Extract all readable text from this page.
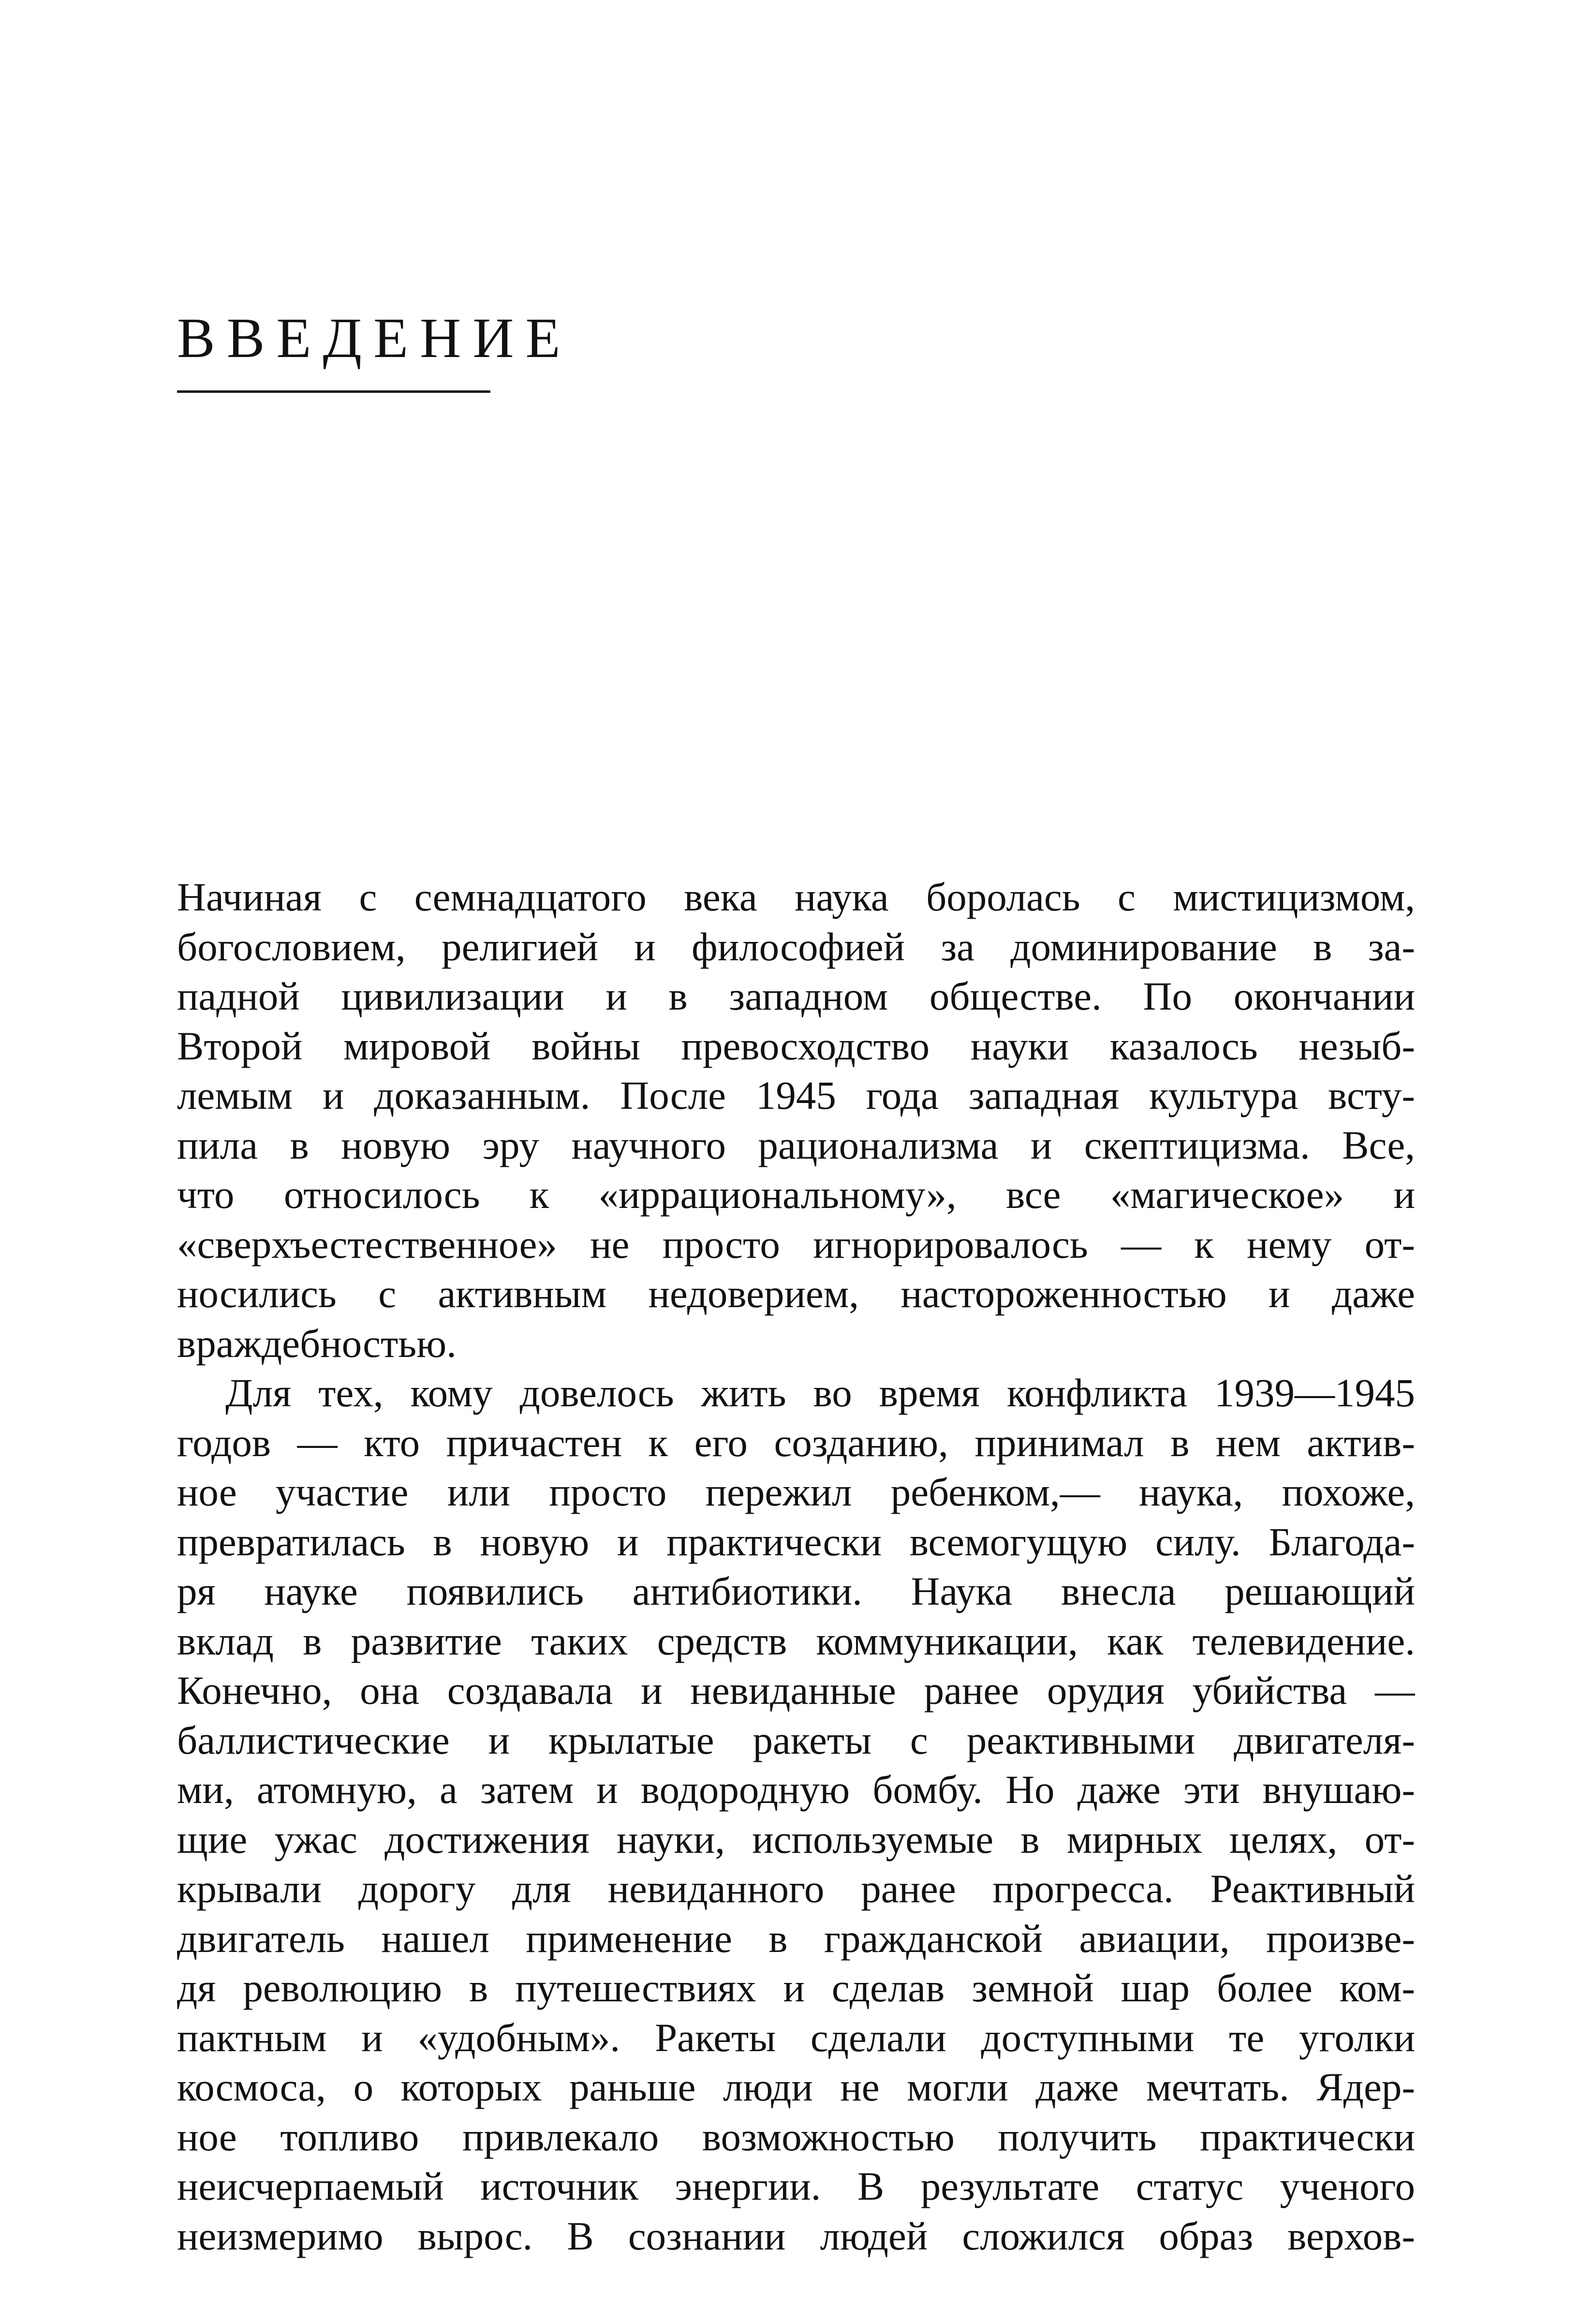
ВВЕДЕНИЕ
Начиная с семнадцатого века наука боролась с мистицизмом,
богословием, религией и философией за доминирование в за-
падной цивилизации и в западном обществе. По окончании
Второй мировой войны превосходство науки казалось незыб-
лемым и доказанным. После 1945 года западная культура всту-
пила в новую эру научного рационализма и скептицизма. Все,
что относилось к «иррациональному», все «магическое» и
«сверхъестественное» не просто игнорировалось — к нему от-
носились с активным недоверием, настороженностью и даже
враждебностью.
Для тех, кому довелось жить во время конфликта 1939—1945
годов — кто причастен к его созданию, принимал в нем актив-
ное участие или просто пережил ребенком,— наука, похоже,
превратилась в новую и практически всемогущую силу. Благода-
ря науке появились антибиотики. Наука внесла решающий
вклад в развитие таких средств коммуникации, как телевидение.
Конечно, она создавала и невиданные ранее орудия убийства —
баллистические и крылатые ракеты с реактивными двигателя-
ми, атомную, а затем и водородную бомбу. Но даже эти внушаю-
щие ужас достижения науки, используемые в мирных целях, от-
крывали дорогу для невиданного ранее прогресса. Реактивный
двигатель нашел применение в гражданской авиации, произве-
дя революцию в путешествиях и сделав земной шар более ком-
пактным и «удобным». Ракеты сделали доступными те уголки
космоса, о которых раньше люди не могли даже мечтать. Ядер-
ное топливо привлекало возможностью получить практически
неисчерпаемый источник энергии. В результате статус ученого
неизмеримо вырос. В сознании людей сложился образ верхов-
